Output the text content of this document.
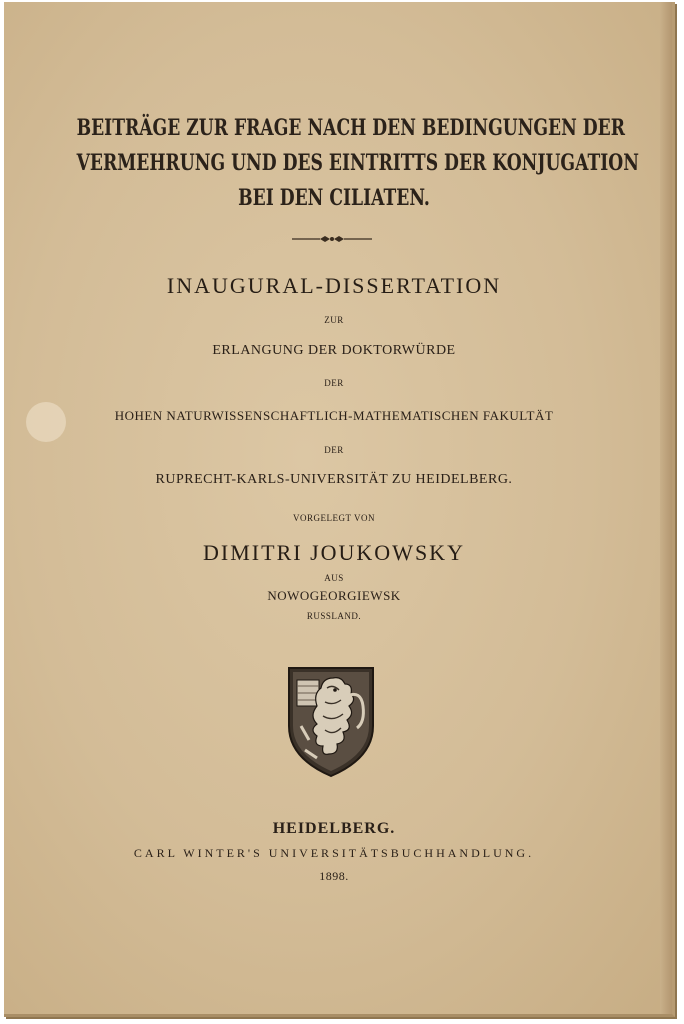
BEITRÄGE ZUR FRAGE NACH DEN BEDINGUNGEN DER
VERMEHRUNG UND DES EINTRITTS DER KONJUGATION
BEI DEN CILIATEN.
INAUGURAL-DISSERTATION
ZUR
ERLANGUNG DER DOKTORWÜRDE
DER
HOHEN NATURWISSENSCHAFTLICH-MATHEMATISCHEN FAKULTÄT
DER
RUPRECHT-KARLS-UNIVERSITÄT ZU HEIDELBERG.
VORGELEGT VON
DIMITRI JOUKOWSKY
AUS
NOWOGEORGIEWSK
RUSSLAND.
HEIDELBERG.
CARL WINTER'S UNIVERSITÄTSBUCHHANDLUNG.
1898.
